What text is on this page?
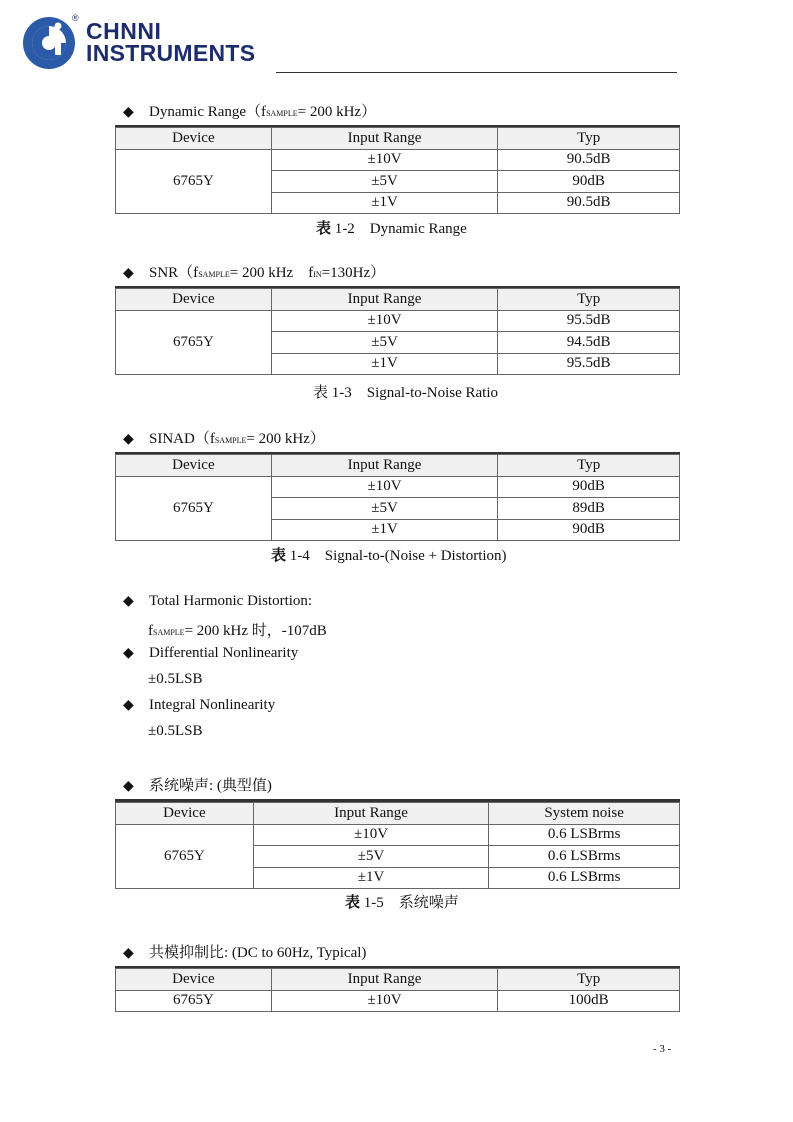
® CHNNI
INSTRUMENTS
◆ Dynamic Range（fSAMPLE= 200 kHz）
Device	Input Range	Typ
6765Y	±10V	90.5dB
	±5V	90dB
	±1V	90.5dB
表 1-2　Dynamic Range
◆ SNR（fSAMPLE= 200 kHz　fIN=130Hz）
Device	Input Range	Typ
6765Y	±10V	95.5dB
	±5V	94.5dB
	±1V	95.5dB
表 1-3　Signal-to-Noise Ratio
◆ SINAD（fSAMPLE= 200 kHz）
Device	Input Range	Typ
6765Y	±10V	90dB
	±5V	89dB
	±1V	90dB
表 1-4　Signal-to-(Noise + Distortion)
◆ Total Harmonic Distortion:
fSAMPLE= 200 kHz 时，-107dB
◆ Differential Nonlinearity
±0.5LSB
◆ Integral Nonlinearity
±0.5LSB
◆ 系统噪声: (典型值)
Device	Input Range	System noise
6765Y	±10V	0.6 LSBrms
	±5V	0.6 LSBrms
	±1V	0.6 LSBrms
表 1-5　系统噪声
◆ 共模抑制比: (DC to 60Hz, Typical)
Device	Input Range	Typ
6765Y	±10V	100dB
- 3 -
